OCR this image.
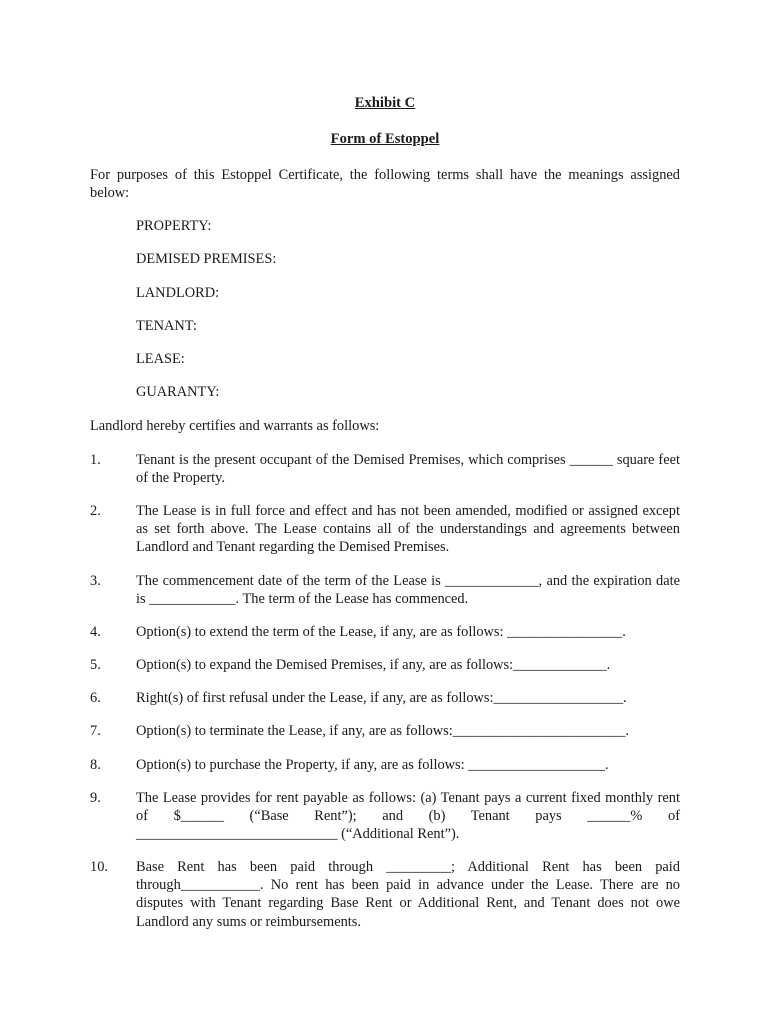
Exhibit C
Form of Estoppel
For purposes of this Estoppel Certificate, the following terms shall have the meanings assigned below:
PROPERTY:
DEMISED PREMISES:
LANDLORD:
TENANT:
LEASE:
GUARANTY:
Landlord hereby certifies and warrants as follows:
1. Tenant is the present occupant of the Demised Premises, which comprises ______ square feet of the Property.
2. The Lease is in full force and effect and has not been amended, modified or assigned except as set forth above. The Lease contains all of the understandings and agreements between Landlord and Tenant regarding the Demised Premises.
3. The commencement date of the term of the Lease is _____________, and the expiration date is ____________. The term of the Lease has commenced.
4. Option(s) to extend the term of the Lease, if any, are as follows: ________________.
5. Option(s) to expand the Demised Premises, if any, are as follows:_____________.
6. Right(s) of first refusal under the Lease, if any, are as follows:__________________.
7. Option(s) to terminate the Lease, if any, are as follows:________________________.
8. Option(s) to purchase the Property, if any, are as follows: ___________________.
9. The Lease provides for rent payable as follows: (a) Tenant pays a current fixed monthly rent of $______ (“Base Rent”); and (b) Tenant pays ______% of ____________________________ (“Additional Rent”).
10. Base Rent has been paid through _________; Additional Rent has been paid through___________. No rent has been paid in advance under the Lease. There are no disputes with Tenant regarding Base Rent or Additional Rent, and Tenant does not owe Landlord any sums or reimbursements.
